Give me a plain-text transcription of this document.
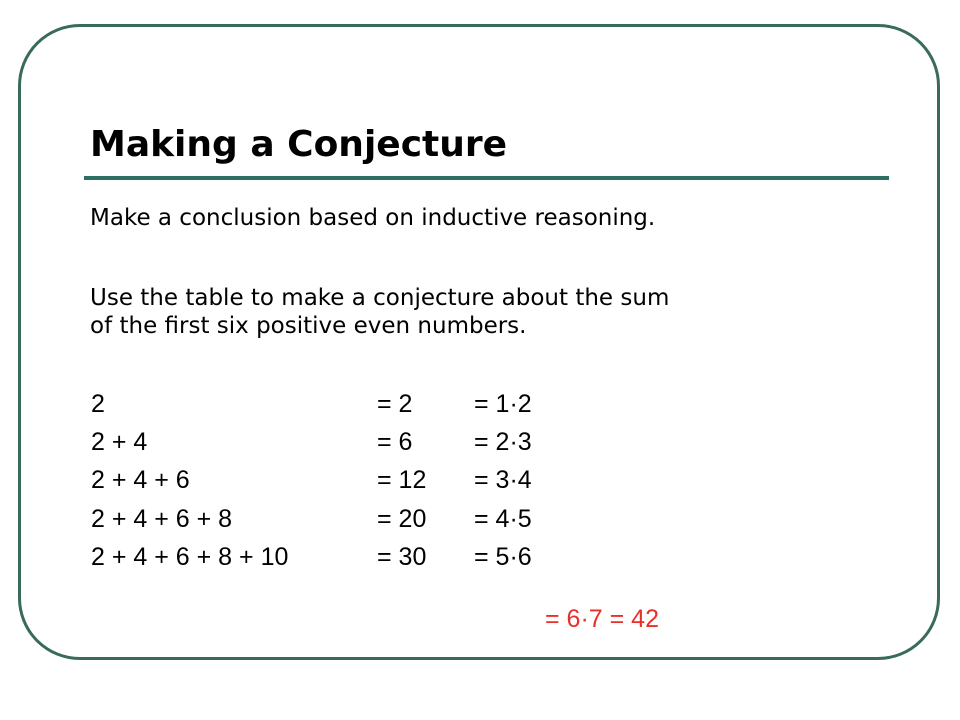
Making a Conjecture
Make a conclusion based on inductive reasoning.
Use the table to make a conjecture about the sum
of the first six positive even numbers.
2	= 2 = 1·2
2 + 4	= 6 = 2·3
2 + 4 + 6	= 12 = 3·4
2 + 4 + 6 + 8	= 20 = 4·5
2 + 4 + 6 + 8 + 10	= 30 = 5·6
= 6·7 = 42
